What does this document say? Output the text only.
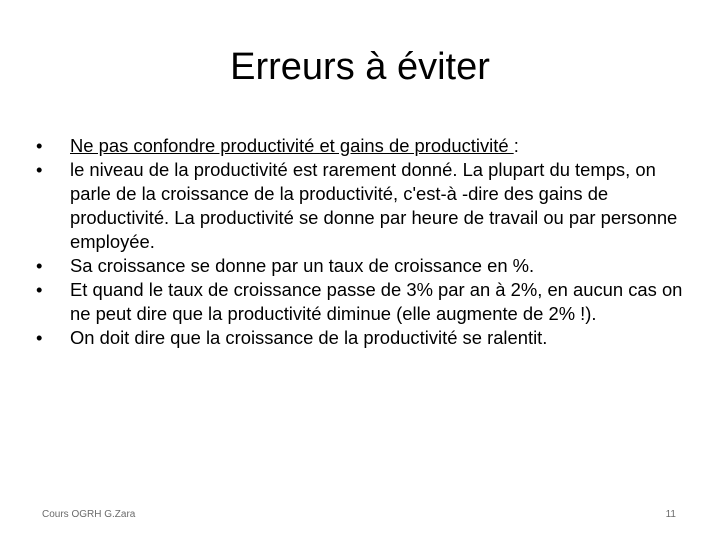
Erreurs à éviter
•	Ne pas confondre productivité et gains de productivité :
•	le niveau de la productivité est rarement donné. La plupart du temps, on parle de la croissance de la productivité, c'est-à -dire des gains de productivité. La productivité se donne par heure de travail ou par personne employée.
•	Sa croissance se donne par un taux de croissance en %.
•	Et quand le taux de croissance passe de 3% par an à 2%, en aucun cas on ne peut dire que la productivité diminue (elle augmente de 2% !).
•	On doit dire que la croissance de la productivité se ralentit.
Cours OGRH G.Zara	11
